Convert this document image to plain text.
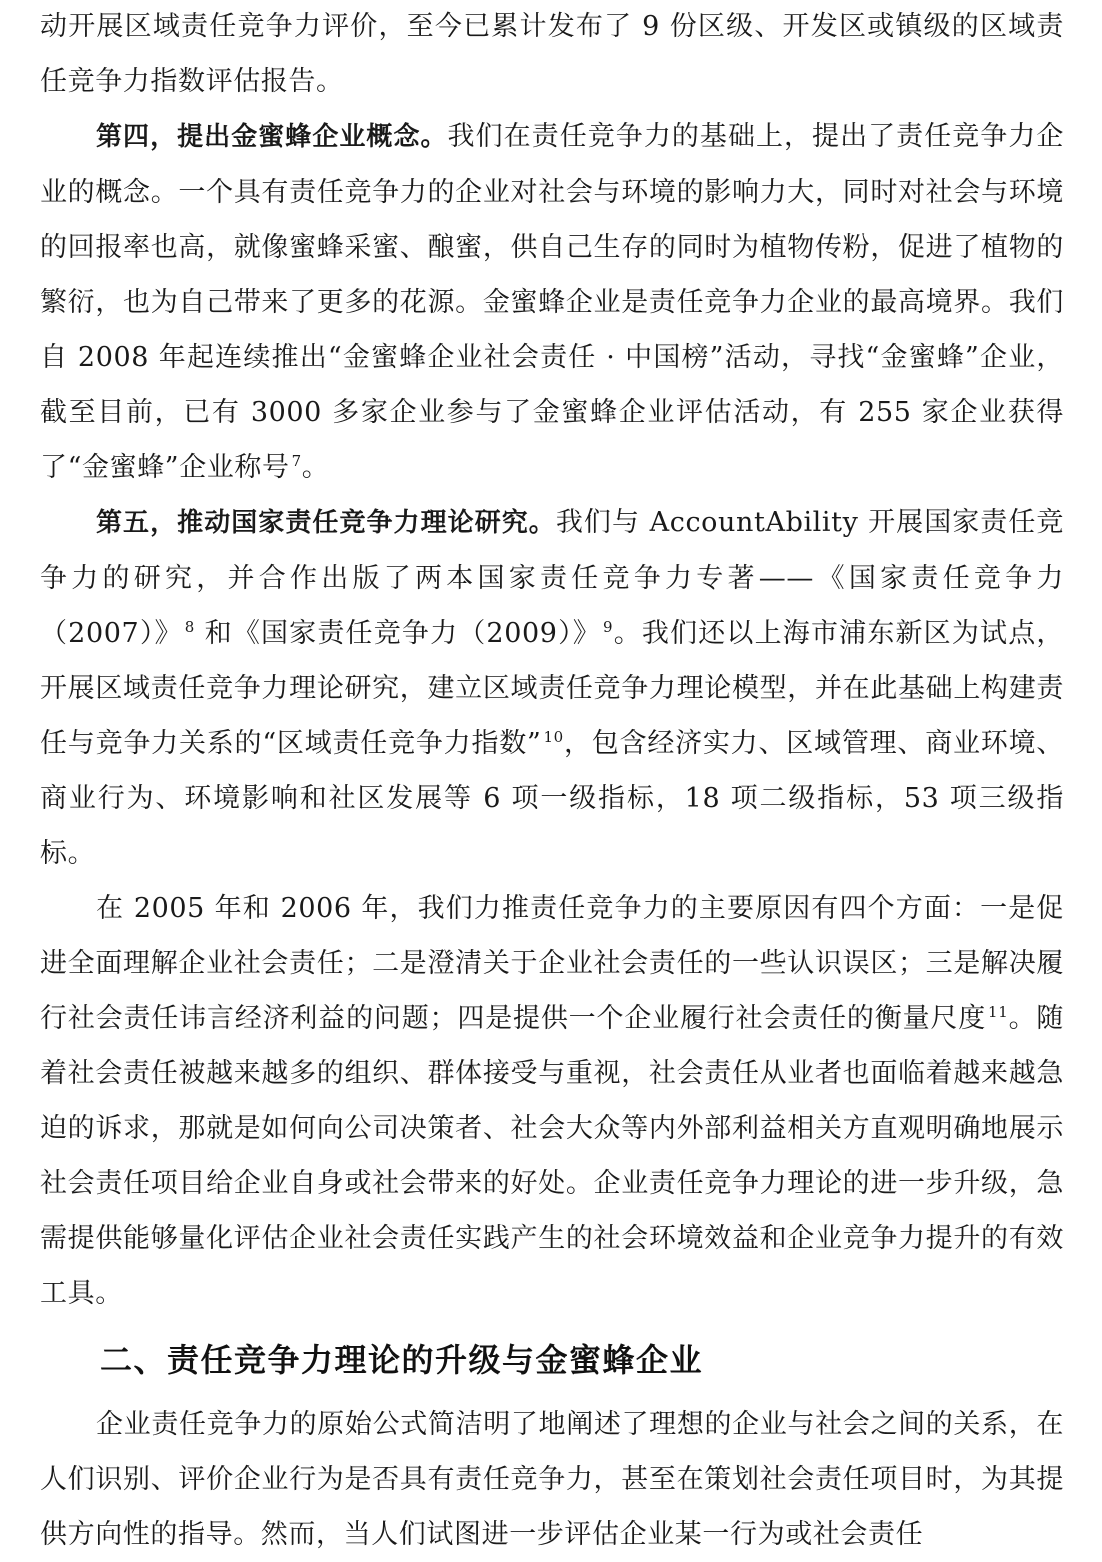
动开展区域责任竞争力评价，至今已累计发布了 9 份区级、开发区或镇级的区域责任竞争力指数评估报告。

第四，提出金蜜蜂企业概念。我们在责任竞争力的基础上，提出了责任竞争力企业的概念。一个具有责任竞争力的企业对社会与环境的影响力大，同时对社会与环境的回报率也高，就像蜜蜂采蜜、酿蜜，供自己生存的同时为植物传粉，促进了植物的繁衍，也为自己带来了更多的花源。金蜜蜂企业是责任竞争力企业的最高境界。我们自 2008 年起连续推出“金蜜蜂企业社会责任 · 中国榜”活动，寻找“金蜜蜂”企业，截至目前，已有 3000 多家企业参与了金蜜蜂企业评估活动，有 255 家企业获得了“金蜜蜂”企业称号 $^7$。

第五，推动国家责任竞争力理论研究。我们与 AccountAbility 开展国家责任竞争力的研究，并合作出版了两本国家责任竞争力专著——《国家责任竞争力（2007）》 $^8$ 和《国家责任竞争力（2009）》 $^9$。我们还以上海市浦东新区为试点，开展区域责任竞争力理论研究，建立区域责任竞争力理论模型，并在此基础上构建责任与竞争力关系的“区域责任竞争力指数” $^{10}$，包含经济实力、区域管理、商业环境、商业行为、环境影响和社区发展等 6 项一级指标，18 项二级指标，53 项三级指标。

在 2005 年和 2006 年，我们力推责任竞争力的主要原因有四个方面：一是促进全面理解企业社会责任；二是澄清关于企业社会责任的一些认识误区；三是解决履行社会责任讳言经济利益的问题；四是提供一个企业履行社会责任的衡量尺度 $^{11}$。随着社会责任被越来越多的组织、群体接受与重视，社会责任从业者也面临着越来越急迫的诉求，那就是如何向公司决策者、社会大众等内外部利益相关方直观明确地展示社会责任项目给企业自身或社会带来的好处。企业责任竞争力理论的进一步升级，急需提供能够量化评估企业社会责任实践产生的社会环境效益和企业竞争力提升的有效工具。

二、责任竞争力理论的升级与金蜜蜂企业

企业责任竞争力的原始公式简洁明了地阐述了理想的企业与社会之间的关系，在人们识别、评价企业行为是否具有责任竞争力，甚至在策划社会责任项目时，为其提供方向性的指导。然而，当人们试图进一步评估企业某一行为或社会责任
